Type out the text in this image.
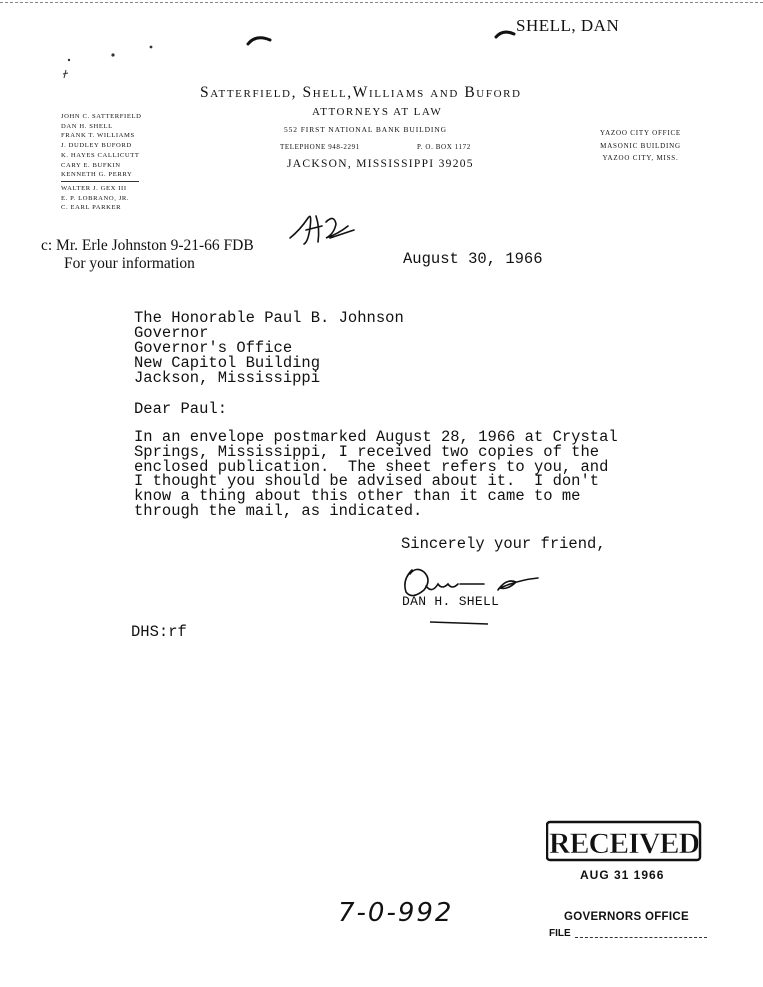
SHELL, DAN
Satterfield, Shell,Williams and Buford
ATTORNEYS AT LAW
552 FIRST NATIONAL BANK BUILDING
TELEPHONE 948-2291	P. O. BOX 1172
JACKSON, MISSISSIPPI 39205
JOHN C. SATTERFIELD
DAN H. SHELL
FRANK T. WILLIAMS
J. DUDLEY BUFORD
K. HAYES CALLICUTT
CARY E. BUFKIN
KENNETH G. PERRY
WALTER J. GEX III
E. P. LOBRANO, JR.
C. EARL PARKER
YAZOO CITY OFFICE
MASONIC BUILDING
YAZOO CITY, MISS.
c: Mr. Erle Johnston 9-21-66 FDB
For your information	August 30, 1966
The Honorable Paul B. Johnson
Governor
Governor's Office
New Capitol Building
Jackson, Mississippi
Dear Paul:
In an envelope postmarked August 28, 1966 at Crystal
Springs, Mississippi, I received two copies of the
enclosed publication.  The sheet refers to you, and
I thought you should be advised about it.  I don't
know a thing about this other than it came to me
through the mail, as indicated.
Sincerely your friend,
DAN H. SHELL
DHS:rf
RECEIVED
AUG 31 1966
7-0-992	GOVERNORS OFFICE
FILE
